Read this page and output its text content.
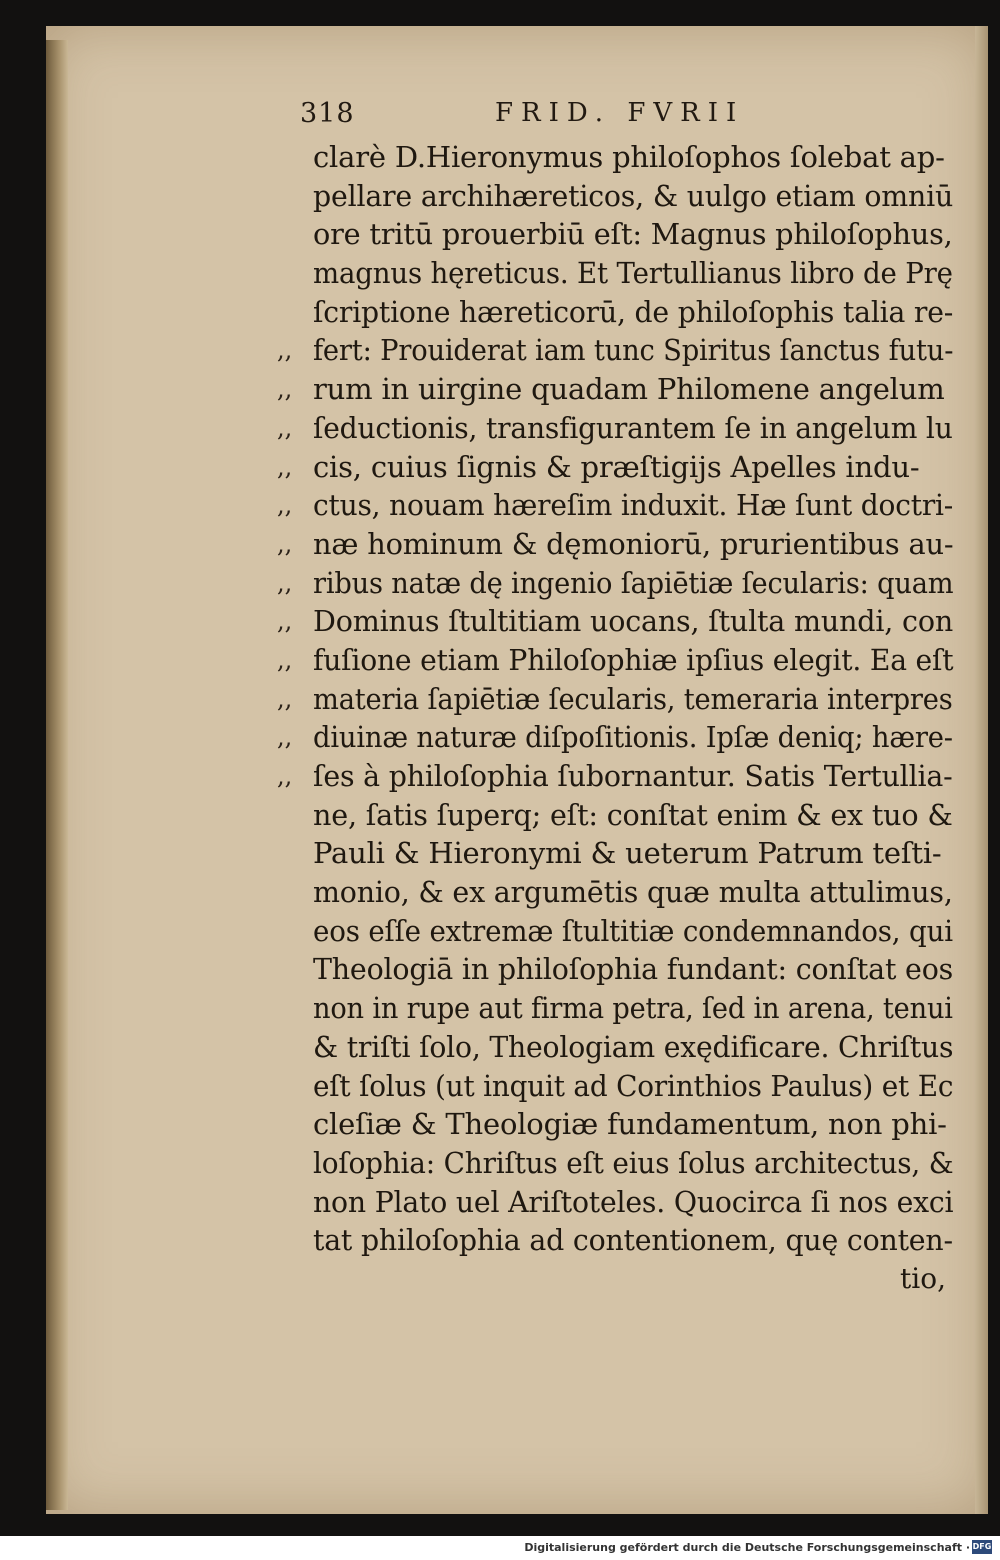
318	FRID. FVRII
clarè D.Hieronymus philoſophos ſolebat ap-
pellare archihæreticos, & uulgo etiam omniū
ore tritū prouerbiū eſt: Magnus philoſophus,
magnus hęreticus. Et Tertullianus libro de Prę
ſcriptione hæreticorū, de philoſophis talia re-
,, fert: Prouiderat iam tunc Spiritus ſanctus futu-
,, rum in uirgine quadam Philomene angelum
,, ſeductionis, transfigurantem ſe in angelum lu
,, cis, cuius ſignis & præſtigijs Apelles indu-
,, ctus, nouam hæreſim induxit. Hæ ſunt doctri-
,, næ hominum & dęmoniorū, prurientibus au-
,, ribus natæ dę ingenio ſapiētiæ ſecularis: quam
,, Dominus ſtultitiam uocans, ſtulta mundi, con
,, fuſione etiam Philoſophiæ ipſius elegit. Ea eſt
,, materia ſapiētiæ ſecularis, temeraria interpres
,, diuinæ naturæ diſpoſitionis. Ipſæ deniq; hære-
,, ſes à philoſophia ſubornantur. Satis Tertullia-
ne, ſatis ſuperq; eſt: conſtat enim & ex tuo &
Pauli & Hieronymi & ueterum Patrum teſti-
monio, & ex argumētis quæ multa attulimus,
eos eſſe extremæ ſtultitiæ condemnandos, qui
Theologiā in philoſophia fundant: conſtat eos
non in rupe aut firma petra, ſed in arena, tenui
& triſti ſolo, Theologiam exędificare. Chriſtus
eſt ſolus (ut inquit ad Corinthios Paulus) et Ec
cleſiæ & Theologiæ fundamentum, non phi-
loſophia: Chriſtus eſt eius ſolus architectus, &
non Plato uel Ariſtoteles. Quocirca ſi nos exci
tat philoſophia ad contentionem, quę conten-
tio,
Digitalisierung gefördert durch die Deutsche Forschungsgemeinschaft · DFG
